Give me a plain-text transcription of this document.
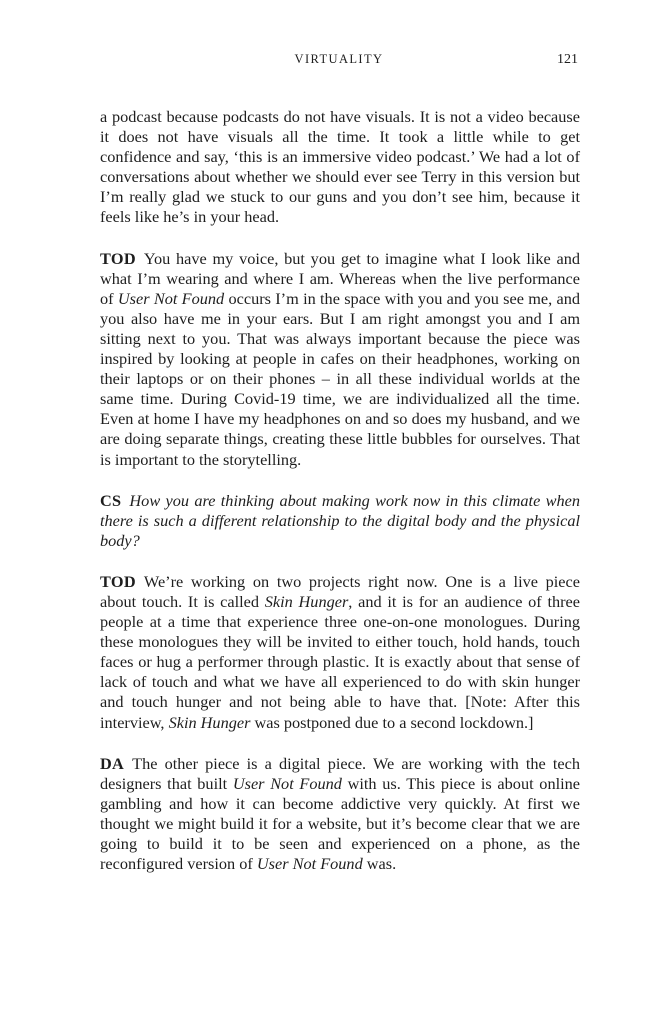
VIRTUALITY	121

a podcast because podcasts do not have visuals. It is not a video because it does not have visuals all the time. It took a little while to get confidence and say, ‘this is an immersive video podcast.’ We had a lot of conversations about whether we should ever see Terry in this version but I’m really glad we stuck to our guns and you don’t see him, because it feels like he’s in your head.

TOD You have my voice, but you get to imagine what I look like and what I’m wearing and where I am. Whereas when the live performance of User Not Found occurs I’m in the space with you and you see me, and you also have me in your ears. But I am right amongst you and I am sitting next to you. That was always important because the piece was inspired by looking at people in cafes on their headphones, working on their laptops or on their phones – in all these individual worlds at the same time. During Covid-19 time, we are individualized all the time. Even at home I have my headphones on and so does my husband, and we are doing separate things, creating these little bubbles for ourselves. That is important to the storytelling.

CS How you are thinking about making work now in this climate when there is such a different relationship to the digital body and the physical body?

TOD We’re working on two projects right now. One is a live piece about touch. It is called Skin Hunger, and it is for an audience of three people at a time that experience three one-on-one monologues. During these monologues they will be invited to either touch, hold hands, touch faces or hug a performer through plastic. It is exactly about that sense of lack of touch and what we have all experienced to do with skin hunger and touch hunger and not being able to have that. [Note: After this interview, Skin Hunger was postponed due to a second lockdown.]

DA The other piece is a digital piece. We are working with the tech designers that built User Not Found with us. This piece is about online gambling and how it can become addictive very quickly. At first we thought we might build it for a website, but it’s become clear that we are going to build it to be seen and experienced on a phone, as the reconfigured version of User Not Found was.
